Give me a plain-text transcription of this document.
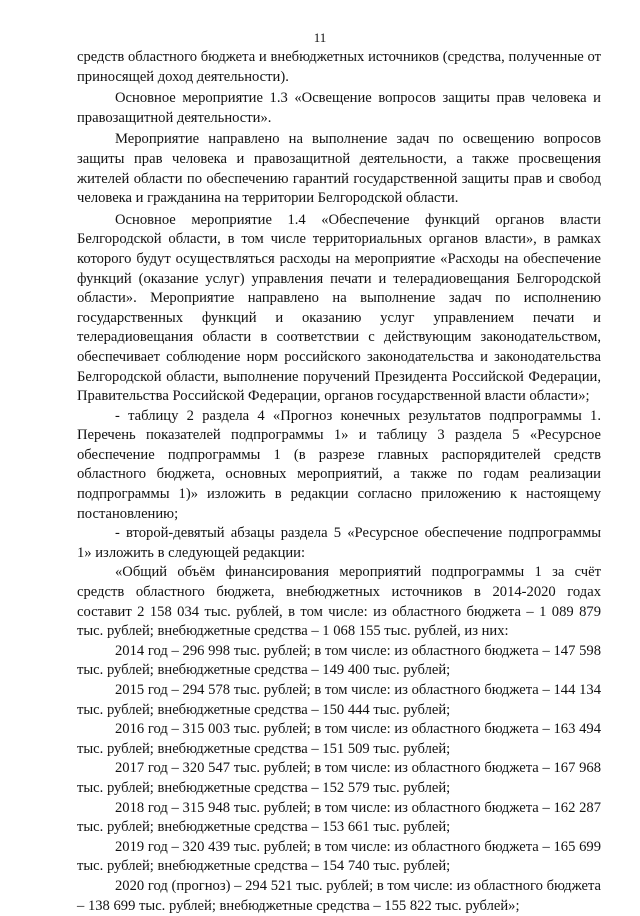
11

средств областного бюджета и внебюджетных источников (средства, полученные от приносящей доход деятельности).

Основное мероприятие 1.3 «Освещение вопросов защиты прав человека и правозащитной деятельности».

Мероприятие направлено на выполнение задач по освещению вопросов защиты прав человека и правозащитной деятельности, а также просвещения жителей области по обеспечению гарантий государственной защиты прав и свобод человека и гражданина на территории Белгородской области.

Основное мероприятие 1.4 «Обеспечение функций органов власти Белгородской области, в том числе территориальных органов власти», в рамках которого будут осуществляться расходы на мероприятие «Расходы на обеспечение функций (оказание услуг) управления печати и телерадиовещания Белгородской области». Мероприятие направлено на выполнение задач по исполнению государственных функций и оказанию услуг управлением печати и телерадиовещания области в соответствии с действующим законодательством, обеспечивает соблюдение норм российского законодательства и законодательства Белгородской области, выполнение поручений Президента Российской Федерации, Правительства Российской Федерации, органов государственной власти области»;

- таблицу 2 раздела 4 «Прогноз конечных результатов подпрограммы 1. Перечень показателей подпрограммы 1» и таблицу 3 раздела 5 «Ресурсное обеспечение подпрограммы 1 (в разрезе главных распорядителей средств областного бюджета, основных мероприятий, а также по годам реализации подпрограммы 1)» изложить в редакции согласно приложению к настоящему постановлению;

- второй-девятый абзацы раздела 5 «Ресурсное обеспечение подпрограммы 1» изложить в следующей редакции:

«Общий объём финансирования мероприятий подпрограммы 1 за счёт средств областного бюджета, внебюджетных источников в 2014-2020 годах составит 2 158 034 тыс. рублей, в том числе: из областного бюджета – 1 089 879 тыс. рублей; внебюджетные средства – 1 068 155 тыс. рублей, из них:

2014 год – 296 998 тыс. рублей; в том числе: из областного бюджета – 147 598 тыс. рублей; внебюджетные средства – 149 400 тыс. рублей;

2015 год – 294 578 тыс. рублей; в том числе: из областного бюджета – 144 134 тыс. рублей; внебюджетные средства – 150 444 тыс. рублей;

2016 год – 315 003 тыс. рублей; в том числе: из областного бюджета – 163 494 тыс. рублей; внебюджетные средства – 151 509 тыс. рублей;

2017 год – 320 547 тыс. рублей; в том числе: из областного бюджета – 167 968 тыс. рублей; внебюджетные средства – 152 579 тыс. рублей;

2018 год – 315 948 тыс. рублей; в том числе: из областного бюджета – 162 287 тыс. рублей; внебюджетные средства – 153 661 тыс. рублей;

2019 год – 320 439 тыс. рублей; в том числе: из областного бюджета – 165 699 тыс. рублей; внебюджетные средства – 154 740 тыс. рублей;

2020 год (прогноз) – 294 521 тыс. рублей; в том числе: из областного бюджета – 138 699 тыс. рублей; внебюджетные средства – 155 822 тыс. рублей»;
